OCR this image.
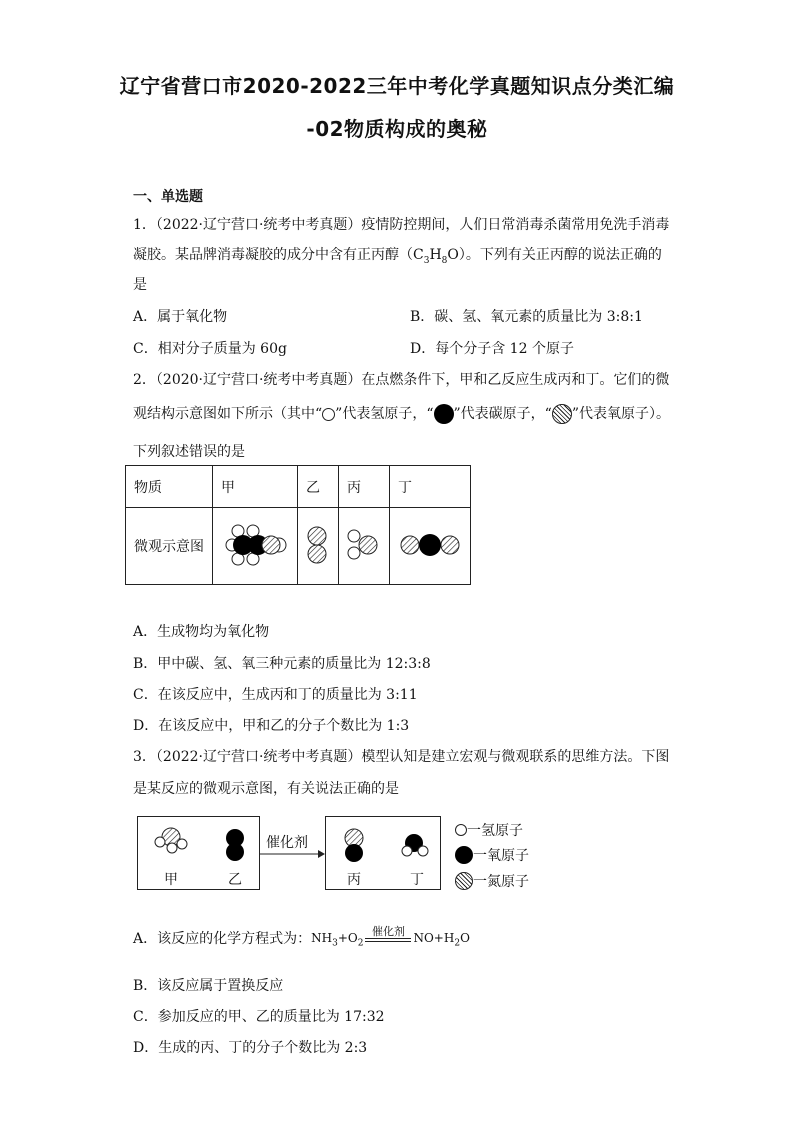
辽宁省营口市2020-2022三年中考化学真题知识点分类汇编
-02物质构成的奥秘
一、单选题
1．（2022·辽宁营口·统考中考真题）疫情防控期间，人们日常消毒杀菌常用免洗手消毒
凝胶。某品牌消毒凝胶的成分中含有正丙醇$(C_3H_8O)$。下列有关正丙醇的说法正确的
是
A．属于氧化物	B．碳、氢、氧元素的质量比为 3:8:1
C．相对分子质量为 60g	D．每个分子含 12 个原子
2．（2020·辽宁营口·统考中考真题）在点燃条件下，甲和乙反应生成丙和丁。它们的微
观结构示意图如下所示（其中“ ”代表氢原子，“ ”代表碳原子，“ ”代表氧原子）。
下列叙述错误的是
物质	甲	乙	丙	丁
微观示意图				
A．生成物均为氧化物
B．甲中碳、氢、氧三种元素的质量比为 12:3:8
C．在该反应中，生成丙和丁的质量比为 3:11
D．在该反应中，甲和乙的分子个数比为 1:3
3．（2022·辽宁营口·统考中考真题）模型认知是建立宏观与微观联系的思维方法。下图
是某反应的微观示意图，有关说法正确的是
甲	乙
催化剂
丙	丁
一氢原子
一氧原子
一氮原子
A．该反应的化学方程式为： $NH_3+O_2$
催化剂 $NO+H_2O$
B．该反应属于置换反应
C．参加反应的甲、乙的质量比为 17:32
D．生成的丙、丁的分子个数比为 2:3
